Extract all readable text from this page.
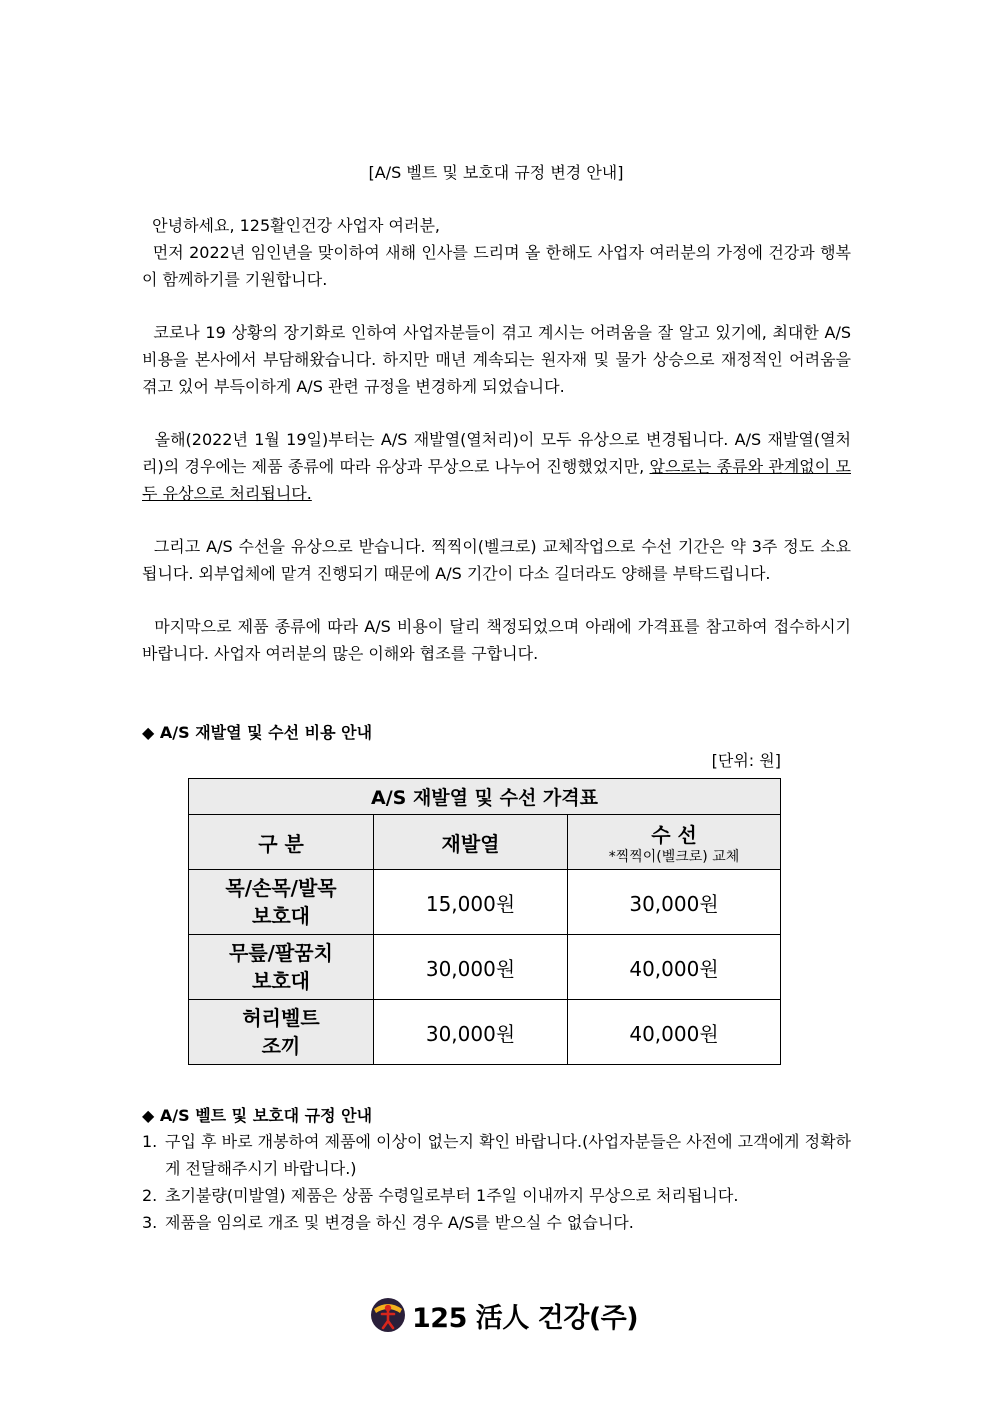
[A/S 벨트 및 보호대 규정 변경 안내]

안녕하세요, 125활인건강 사업자 여러분,

먼저 2022년 임인년을 맞이하여 새해 인사를 드리며 올 한해도 사업자 여러분의 가정에 건강과 행복이 함께하기를 기원합니다.

코로나 19 상황의 장기화로 인하여 사업자분들이 겪고 계시는 어려움을 잘 알고 있기에, 최대한 A/S 비용을 본사에서 부담해왔습니다. 하지만 매년 계속되는 원자재 및 물가 상승으로 재정적인 어려움을 겪고 있어 부득이하게 A/S 관련 규정을 변경하게 되었습니다.

올해(2022년 1월 19일)부터는 A/S 재발열(열처리)이 모두 유상으로 변경됩니다. A/S 재발열(열처리)의 경우에는 제품 종류에 따라 유상과 무상으로 나누어 진행했었지만, 앞으로는 종류와 관계없이 모두 유상으로 처리됩니다.

그리고 A/S 수선을 유상으로 받습니다. 찍찍이(벨크로) 교체작업으로 수선 기간은 약 3주 정도 소요됩니다. 외부업체에 맡겨 진행되기 때문에 A/S 기간이 다소 길더라도 양해를 부탁드립니다.

마지막으로 제품 종류에 따라 A/S 비용이 달리 책정되었으며 아래에 가격표를 참고하여 접수하시기 바랍니다. 사업자 여러분의 많은 이해와 협조를 구합니다.

◆ A/S 재발열 및 수선 비용 안내
[단위: 원]
A/S 재발열 및 수선 가격표		
구 분	재발열	수 선
*찍찍이(벨크로) 교체

목/손목/발목
보호대	15,000원	30,000원
무릎/팔꿈치
보호대	30,000원	40,000원
허리벨트
조끼	30,000원	40,000원
◆ A/S 벨트 및 보호대 규정 안내
1. 구입 후 바로 개봉하여 제품에 이상이 없는지 확인 바랍니다.(사업자분들은 사전에 고객에게 정확하게 전달해주시기 바랍니다.)
2. 초기불량(미발열) 제품은 상품 수령일로부터 1주일 이내까지 무상으로 처리됩니다.
3. 제품을 임의로 개조 및 변경을 하신 경우 A/S를 받으실 수 없습니다.
125 活人 건강(주)
